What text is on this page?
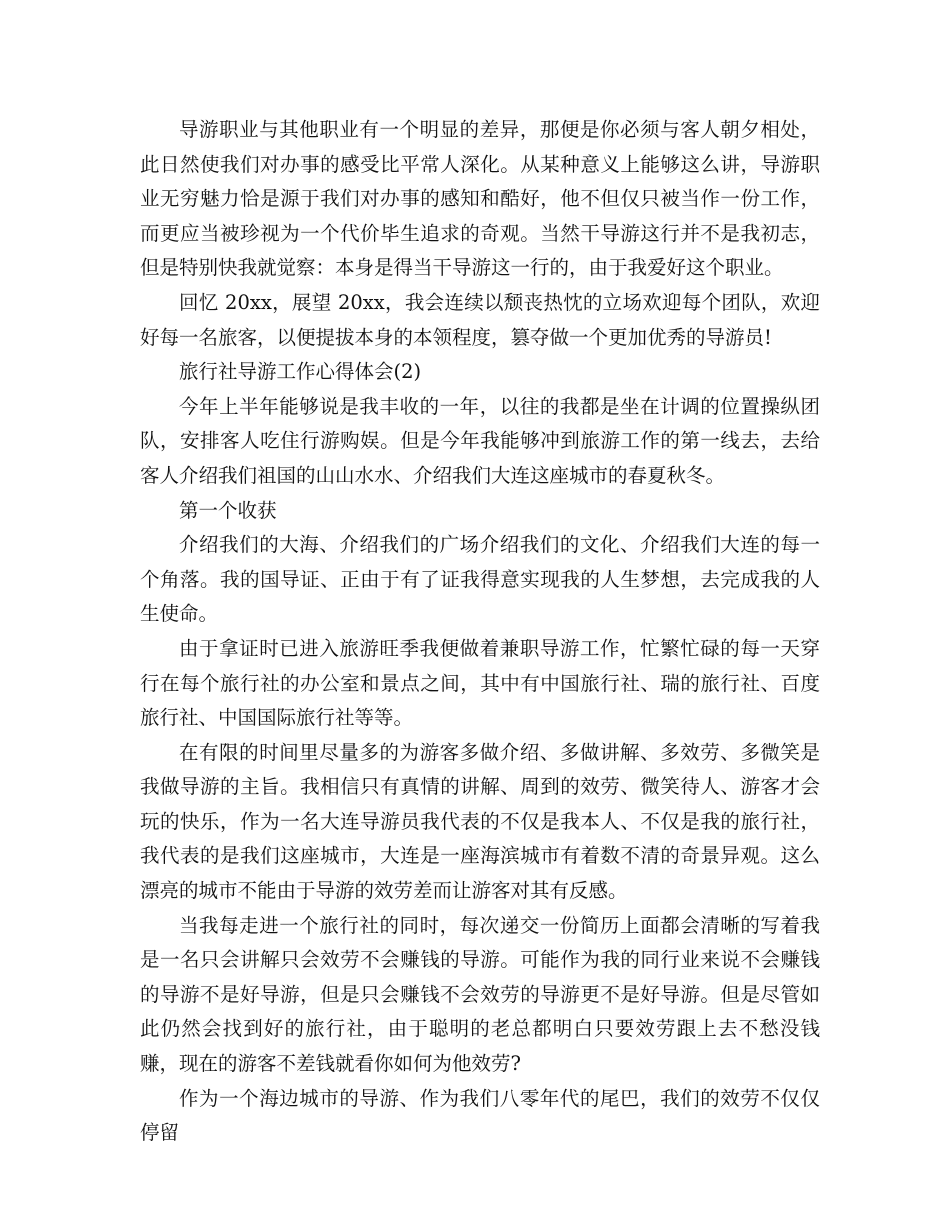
导游职业与其他职业有一个明显的差异，那便是你必须与客人朝夕相处，此日然使我们对办事的感受比平常人深化。从某种意义上能够这么讲，导游职业无穷魅力恰是源于我们对办事的感知和酷好，他不但仅只被当作一份工作，而更应当被珍视为一个代价毕生追求的奇观。当然干导游这行并不是我初志，但是特别快我就觉察：本身是得当干导游这一行的，由于我爱好这个职业。

回忆 20xx，展望 20xx，我会连续以颓丧热忱的立场欢迎每个团队，欢迎好每一名旅客，以便提拔本身的本领程度，篡夺做一个更加优秀的导游员!

旅行社导游工作心得体会(2)

今年上半年能够说是我丰收的一年，以往的我都是坐在计调的位置操纵团队，安排客人吃住行游购娱。但是今年我能够冲到旅游工作的第一线去，去给客人介绍我们祖国的山山水水、介绍我们大连这座城市的春夏秋冬。

第一个收获

介绍我们的大海、介绍我们的广场介绍我们的文化、介绍我们大连的每一个角落。我的国导证、正由于有了证我得意实现我的人生梦想，去完成我的人生使命。

由于拿证时已进入旅游旺季我便做着兼职导游工作，忙繁忙碌的每一天穿行在每个旅行社的办公室和景点之间，其中有中国旅行社、瑞的旅行社、百度旅行社、中国国际旅行社等等。

在有限的时间里尽量多的为游客多做介绍、多做讲解、多效劳、多微笑是我做导游的主旨。我相信只有真情的讲解、周到的效劳、微笑待人、游客才会玩的快乐，作为一名大连导游员我代表的不仅是我本人、不仅是我的旅行社，我代表的是我们这座城市，大连是一座海滨城市有着数不清的奇景异观。这么漂亮的城市不能由于导游的效劳差而让游客对其有反感。

当我每走进一个旅行社的同时，每次递交一份简历上面都会清晰的写着我是一名只会讲解只会效劳不会赚钱的导游。可能作为我的同行业来说不会赚钱的导游不是好导游，但是只会赚钱不会效劳的导游更不是好导游。但是尽管如此仍然会找到好的旅行社，由于聪明的老总都明白只要效劳跟上去不愁没钱赚，现在的游客不差钱就看你如何为他效劳?

作为一个海边城市的导游、作为我们八零年代的尾巴，我们的效劳不仅仅停留
